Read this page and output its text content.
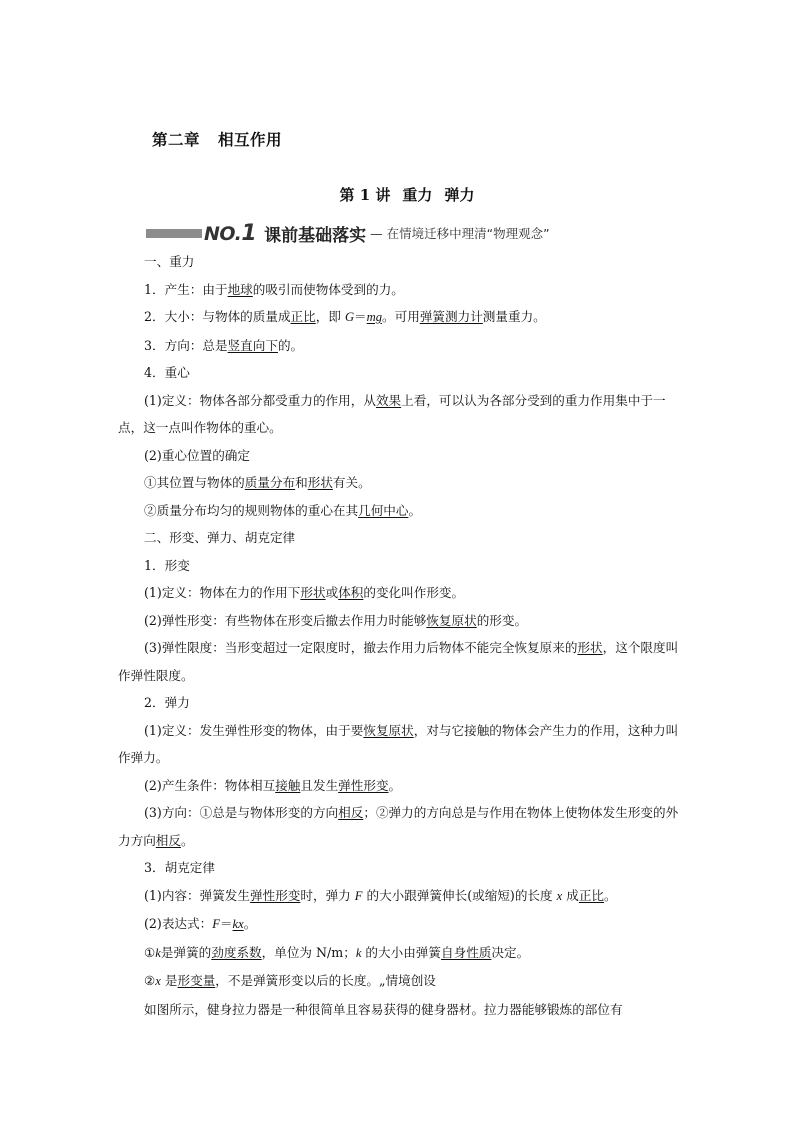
第二章 相互作用
第 1 讲 重力 弹力
NO.1 课前基础落实 — 在情境迁移中理清“物理观念”

一、重力

1．产生：由于地球的吸引而使物体受到的力。

2．大小：与物体的质量成正比，即 G＝mg。可用弹簧测力计测量重力。

3．方向：总是竖直向下的。

4．重心

(1)定义：物体各部分都受重力的作用，从效果上看，可以认为各部分受到的重力作用集中于一点，这一点叫作物体的重心。

(2)重心位置的确定

①其位置与物体的质量分布和形状有关。

②质量分布均匀的规则物体的重心在其几何中心。

二、形变、弹力、胡克定律

1．形变

(1)定义：物体在力的作用下形状或体积的变化叫作形变。

(2)弹性形变：有些物体在形变后撤去作用力时能够恢复原状的形变。

(3)弹性限度：当形变超过一定限度时，撤去作用力后物体不能完全恢复原来的形状，这个限度叫作弹性限度。

2．弹力

(1)定义：发生弹性形变的物体，由于要恢复原状，对与它接触的物体会产生力的作用，这种力叫作弹力。

(2)产生条件：物体相互接触且发生弹性形变。

(3)方向：①总是与物体形变的方向相反；②弹力的方向总是与作用在物体上使物体发生形变的外力方向相反。

3．胡克定律

(1)内容：弹簧发生弹性形变时，弹力 F 的大小跟弹簧伸长(或缩短)的长度 x 成正比。

(2)表达式：F＝kx。

①k是弹簧的劲度系数，单位为 N/m；k 的大小由弹簧自身性质决定。

②x 是形变量，不是弹簧形变以后的长度。„情境创设

如图所示，健身拉力器是一种很简单且容易获得的健身器材。拉力器能够锻炼的部位有
